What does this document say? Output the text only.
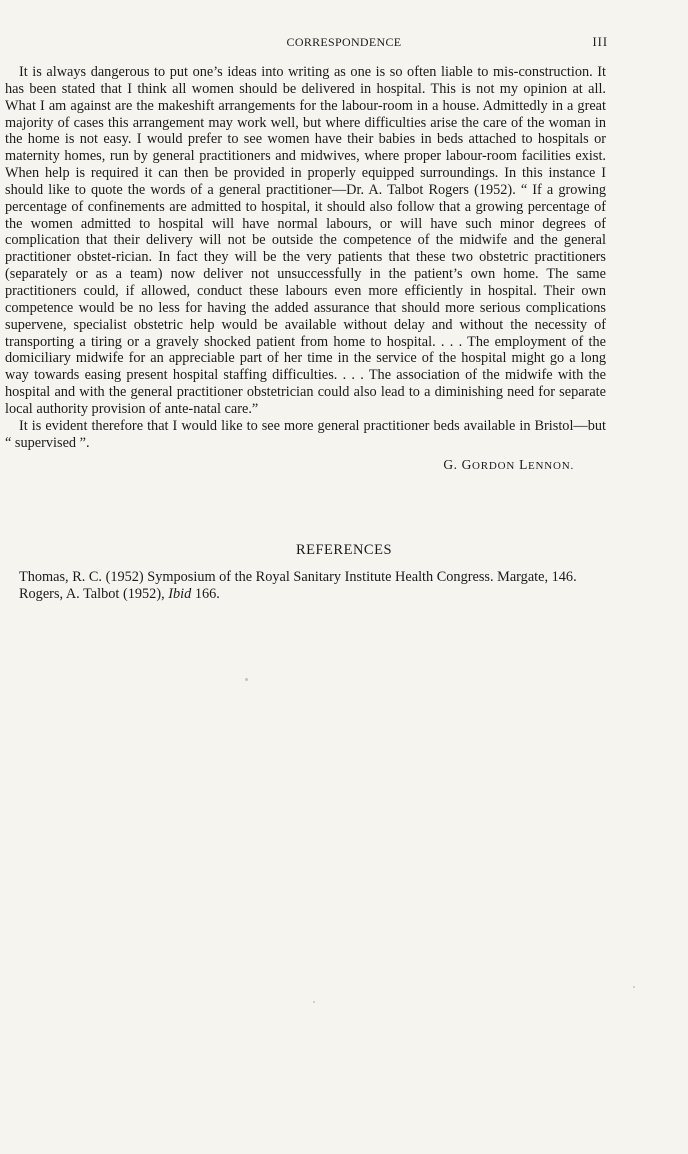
CORRESPONDENCE	III

It is always dangerous to put one’s ideas into writing as one is so often liable to mis-construction. It has been stated that I think all women should be delivered in hospital. This is not my opinion at all. What I am against are the makeshift arrangements for the labour-room in a house. Admittedly in a great majority of cases this arrangement may work well, but where difficulties arise the care of the woman in the home is not easy. I would prefer to see women have their babies in beds attached to hospitals or maternity homes, run by general practitioners and midwives, where proper labour-room facilities exist. When help is required it can then be provided in properly equipped surroundings. In this instance I should like to quote the words of a general practitioner—Dr. A. Talbot Rogers (1952). “ If a growing percentage of confinements are admitted to hospital, it should also follow that a growing percentage of the women admitted to hospital will have normal labours, or will have such minor degrees of complication that their delivery will not be outside the competence of the midwife and the general practitioner obstet-rician. In fact they will be the very patients that these two obstetric practitioners (separately or as a team) now deliver not unsuccessfully in the patient’s own home. The same practitioners could, if allowed, conduct these labours even more efficiently in hospital. Their own competence would be no less for having the added assurance that should more serious complications supervene, specialist obstetric help would be available without delay and without the necessity of transporting a tiring or a gravely shocked patient from home to hospital. . . . The employment of the domiciliary midwife for an appreciable part of her time in the service of the hospital might go a long way towards easing present hospital staffing difficulties. . . . The association of the midwife with the hospital and with the general practitioner obstetrician could also lead to a diminishing need for separate local authority provision of ante-natal care.”

It is evident therefore that I would like to see more general practitioner beds available in Bristol—but “ supervised ”.

G. GORDON LENNON.

REFERENCES

Thomas, R. C. (1952) Symposium of the Royal Sanitary Institute Health Congress. Margate, 146.

Rogers, A. Talbot (1952), Ibid 166.
